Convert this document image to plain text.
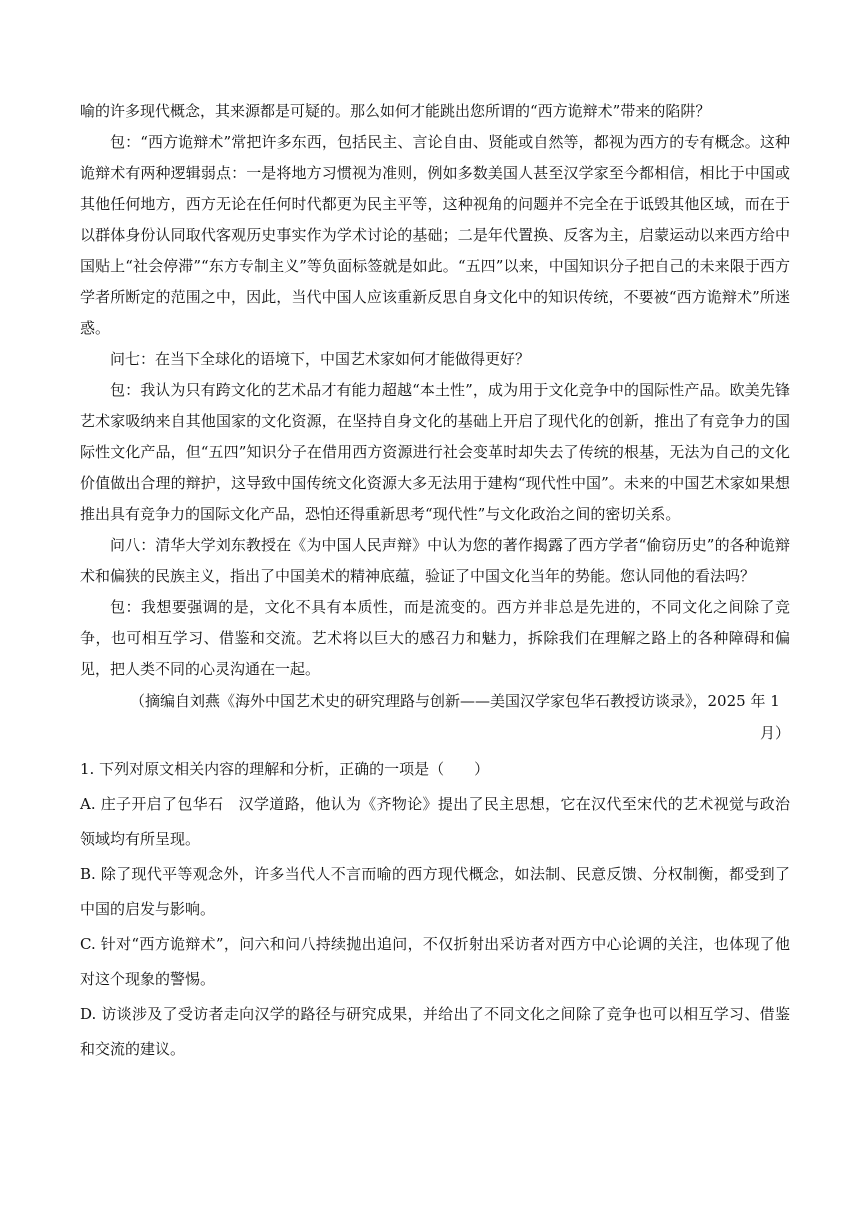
喻的许多现代概念，其来源都是可疑的。那么如何才能跳出您所谓的“西方诡辩术”带来的陷阱？

包：“西方诡辩术”常把许多东西，包括民主、言论自由、贤能或自然等，都视为西方的专有概念。这种诡辩术有两种逻辑弱点：一是将地方习惯视为准则，例如多数美国人甚至汉学家至今都相信，相比于中国或其他任何地方，西方无论在任何时代都更为民主平等，这种视角的问题并不完全在于诋毁其他区域，而在于以群体身份认同取代客观历史事实作为学术讨论的基础；二是年代置换、反客为主，启蒙运动以来西方给中国贴上“社会停滞”“东方专制主义”等负面标签就是如此。“五四”以来，中国知识分子把自己的未来限于西方学者所断定的范围之中，因此，当代中国人应该重新反思自身文化中的知识传统，不要被“西方诡辩术”所迷惑。

问七：在当下全球化的语境下，中国艺术家如何才能做得更好？

包：我认为只有跨文化的艺术品才有能力超越“本土性”，成为用于文化竞争中的国际性产品。欧美先锋艺术家吸纳来自其他国家的文化资源，在坚持自身文化的基础上开启了现代化的创新，推出了有竞争力的国际性文化产品，但“五四”知识分子在借用西方资源进行社会变革时却失去了传统的根基，无法为自己的文化价值做出合理的辩护，这导致中国传统文化资源大多无法用于建构“现代性中国”。未来的中国艺术家如果想推出具有竞争力的国际文化产品，恐怕还得重新思考“现代性”与文化政治之间的密切关系。

问八：清华大学刘东教授在《为中国人民声辩》中认为您的著作揭露了西方学者“偷窃历史”的各种诡辩术和偏狭的民族主义，指出了中国美术的精神底蕴，验证了中国文化当年的势能。您认同他的看法吗？

包：我想要强调的是，文化不具有本质性，而是流变的。西方并非总是先进的，不同文化之间除了竞争，也可相互学习、借鉴和交流。艺术将以巨大的感召力和魅力，拆除我们在理解之路上的各种障碍和偏见，把人类不同的心灵沟通在一起。

（摘编自刘燕《海外中国艺术史的研究理路与创新——美国汉学家包华石教授访谈录》，2025 年 1

月）

1. 下列对原文相关内容的理解和分析，正确的一项是（　　）

A. 庄子开启了包华石　汉学道路，他认为《齐物论》提出了民主思想，它在汉代至宋代的艺术视觉与政治领域均有所呈现。

B. 除了现代平等观念外，许多当代人不言而喻的西方现代概念，如法制、民意反馈、分权制衡，都受到了中国的启发与影响。

C. 针对“西方诡辩术”，问六和问八持续抛出追问，不仅折射出采访者对西方中心论调的关注，也体现了他对这个现象的警惕。

D. 访谈涉及了受访者走向汉学的路径与研究成果，并给出了不同文化之间除了竞争也可以相互学习、借鉴和交流的建议。
